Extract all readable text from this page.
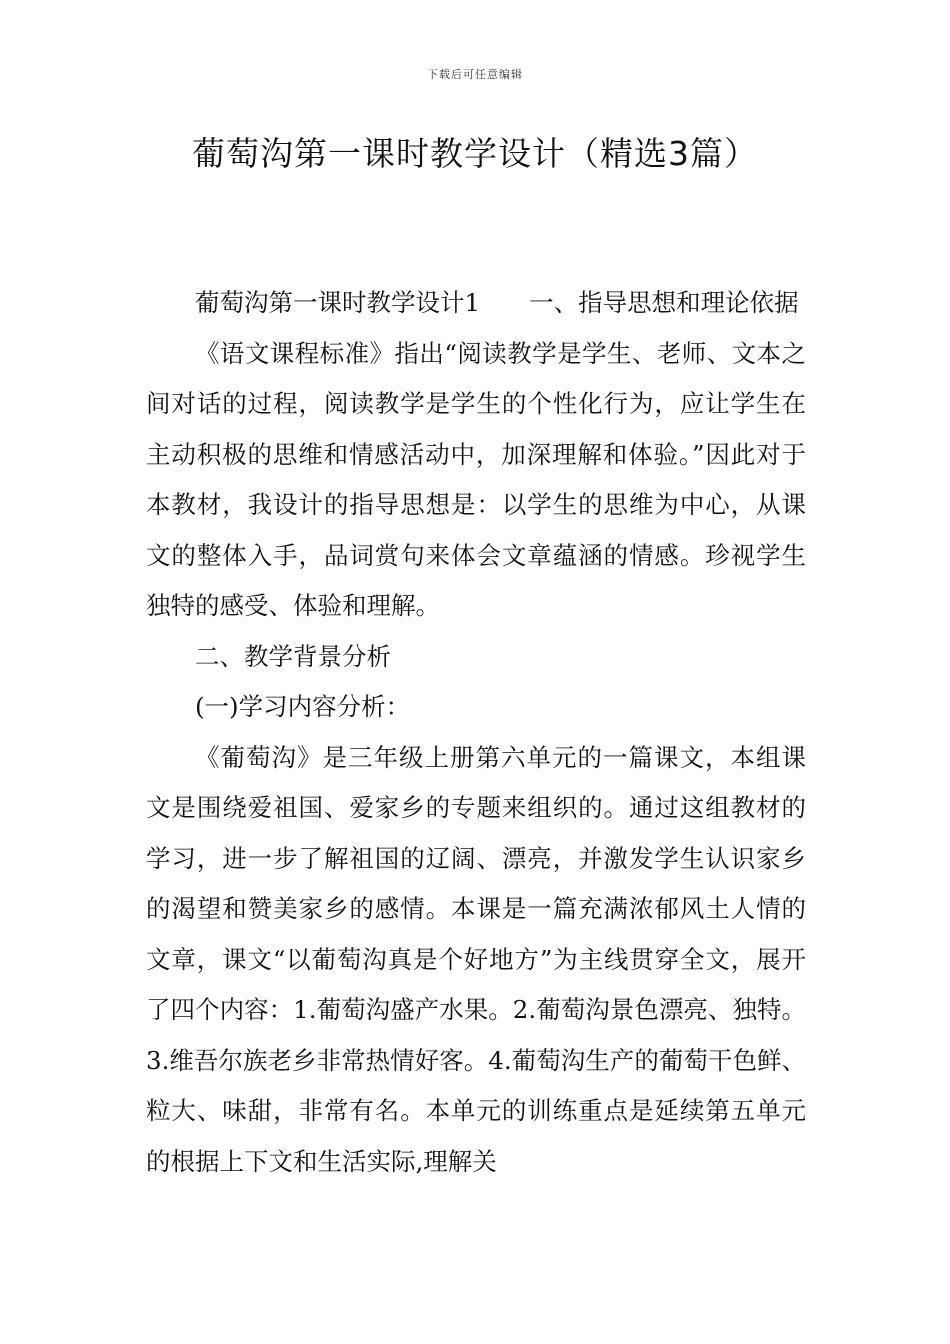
下载后可任意编辑
葡萄沟第一课时教学设计（精选3篇）

葡萄沟第一课时教学设计1　　一、指导思想和理论依据

《语文课程标准》指出“阅读教学是学生、老师、文本之间对话的过程，阅读教学是学生的个性化行为，应让学生在主动积极的思维和情感活动中，加深理解和体验。”因此对于本教材，我设计的指导思想是：以学生的思维为中心，从课文的整体入手，品词赏句来体会文章蕴涵的情感。珍视学生独特的感受、体验和理解。

二、教学背景分析

(一)学习内容分析：

《葡萄沟》是三年级上册第六单元的一篇课文，本组课文是围绕爱祖国、爱家乡的专题来组织的。通过这组教材的学习，进一步了解祖国的辽阔、漂亮，并激发学生认识家乡的渴望和赞美家乡的感情。本课是一篇充满浓郁风土人情的文章，课文“以葡萄沟真是个好地方”为主线贯穿全文，展开了四个内容：1.葡萄沟盛产水果。2.葡萄沟景色漂亮、独特。3.维吾尔族老乡非常热情好客。4.葡萄沟生产的葡萄干色鲜、粒大、味甜，非常有名。本单元的训练重点是延续第五单元的根据上下文和生活实际,理解关
